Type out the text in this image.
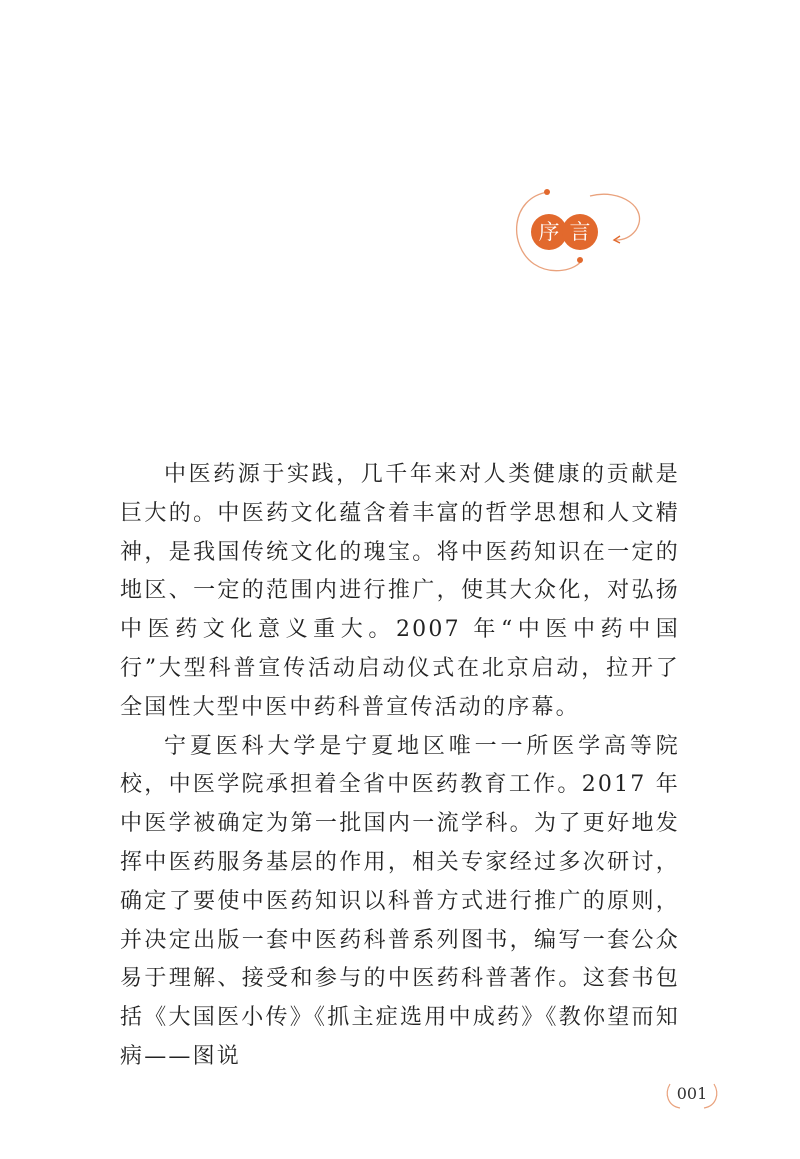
序 言

中医药源于实践，几千年来对人类健康的贡献是巨大的。中医药文化蕴含着丰富的哲学思想和人文精神，是我国传统文化的瑰宝。将中医药知识在一定的地区、一定的范围内进行推广，使其大众化，对弘扬中医药文化意义重大。2007 年“中医中药中国行”大型科普宣传活动启动仪式在北京启动，拉开了全国性大型中医中药科普宣传活动的序幕。

宁夏医科大学是宁夏地区唯一一所医学高等院校，中医学院承担着全省中医药教育工作。2017 年中医学被确定为第一批国内一流学科。为了更好地发挥中医药服务基层的作用，相关专家经过多次研讨，确定了要使中医药知识以科普方式进行推广的原则，并决定出版一套中医药科普系列图书，编写一套公众易于理解、接受和参与的中医药科普著作。这套书包括《大国医小传》《抓主症选用中成药》《教你望而知病——图说

001
